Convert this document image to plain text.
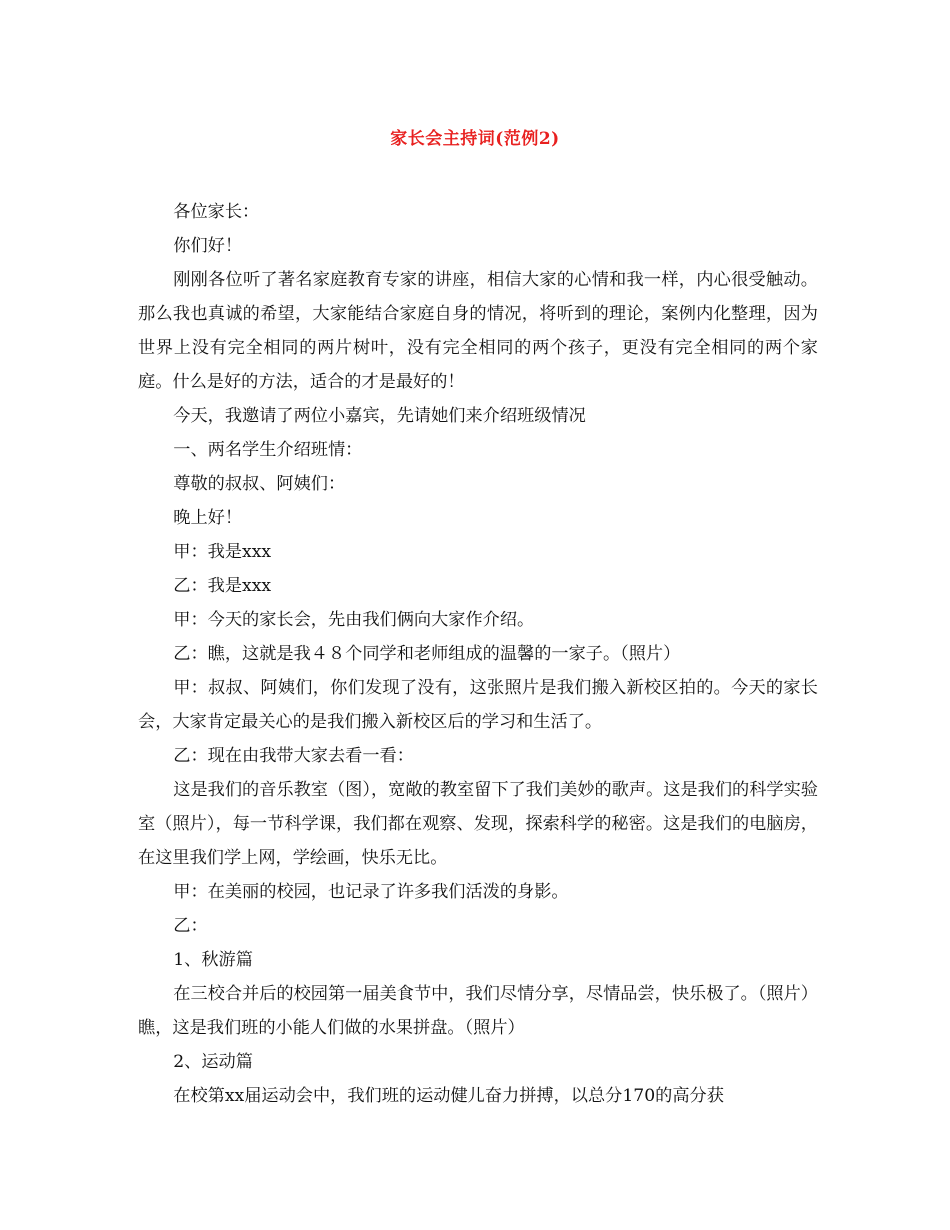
家长会主持词(范例2)

各位家长：

你们好！

刚刚各位听了著名家庭教育专家的讲座，相信大家的心情和我一样，内心很受触动。那么我也真诚的希望，大家能结合家庭自身的情况，将听到的理论，案例内化整理，因为世界上没有完全相同的两片树叶，没有完全相同的两个孩子，更没有完全相同的两个家庭。什么是好的方法，适合的才是最好的！

今天，我邀请了两位小嘉宾，先请她们来介绍班级情况

一、两名学生介绍班情：

尊敬的叔叔、阿姨们：

晚上好！

甲：我是xxx

乙：我是xxx

甲：今天的家长会，先由我们俩向大家作介绍。

乙：瞧，这就是我４８个同学和老师组成的温馨的一家子。（照片）

甲：叔叔、阿姨们，你们发现了没有，这张照片是我们搬入新校区拍的。今天的家长会，大家肯定最关心的是我们搬入新校区后的学习和生活了。

乙：现在由我带大家去看一看：

这是我们的音乐教室（图），宽敞的教室留下了我们美妙的歌声。这是我们的科学实验室（照片），每一节科学课，我们都在观察、发现，探索科学的秘密。这是我们的电脑房，在这里我们学上网，学绘画，快乐无比。

甲：在美丽的校园，也记录了许多我们活泼的身影。

乙：

1、秋游篇

在三校合并后的校园第一届美食节中，我们尽情分享，尽情品尝，快乐极了。（照片）瞧，这是我们班的小能人们做的水果拼盘。（照片）

2、运动篇

在校第xx届运动会中，我们班的运动健儿奋力拼搏，以总分170的高分获
